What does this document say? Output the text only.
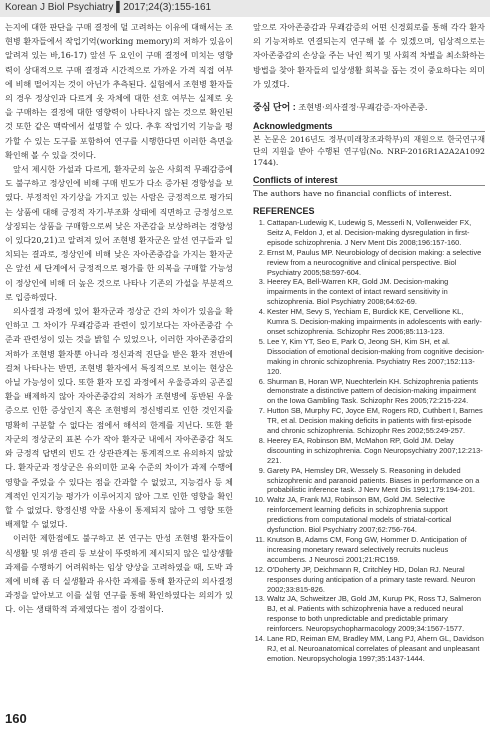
Korean J Biol Psychiatry ▌2017;24(3):155-161

는지에 대한 판단을 구매 결정에 덜 고려하는 이유에 대해서는 조현병 환자들에서 작업기억(working memory)의 저하가 있음이 알려져 있는 바,16-17) 앞선 두 요인이 구매 결정에 미치는 영향력이 상대적으로 구매 결정과 시간적으로 가까운 가격 직접 여부에 비해 떨어지는 것이 아닌가 추측된다. 실험에서 조현병 환자들의 경우 정상인과 다르게 옷 자체에 대한 선호 여부는 실제로 옷을 구매하는 결정에 대한 영향력이 나타나지 않는 것으로 확인된 것 또한 같은 맥락에서 설명할 수 있다. 추후 작업기억 기능을 평가할 수 있는 도구를 포함하여 연구를 시행한다면 이러한 측면을 확인해 볼 수 있을 것이다.

앞서 제시한 가설과 다르게, 환자군의 높은 사회적 무쾌감증에도 불구하고 정상인에 비해 구매 빈도가 다소 증가된 경향성을 보였다. 부정적인 자기상을 가지고 있는 사람은 긍정적으로 평가되는 상품에 대해 긍정적 자기-부조화 상태에 직면하고 긍정성으로 상징되는 상품을 구매함으로써 낮은 자존감을 보상하려는 경향성이 있다20,21)고 알려져 있어 조현병 환자군은 앞선 연구들과 일치되는 결과로, 정상인에 비해 낮은 자아존중감을 가지는 환자군은 앞선 세 단계에서 긍정적으로 평가를 한 의복을 구매할 가능성이 정상인에 비해 더 높은 것으로 나타나 기존의 가설을 부분적으로 입증하였다.

의사결정 과정에 있어 환자군과 정상군 간의 차이가 있음을 확인하고 그 차이가 무쾌감증과 관련이 있기보다는 자아존중감 수준과 관련성이 있는 것을 밝힐 수 있었으나, 이러한 자아존중감의 저하가 조현병 환자뿐 아니라 정신과적 진단을 받은 환자 전반에 걸쳐 나타나는 반면, 조현병 환자에서 특징적으로 보이는 현상은 아닐 가능성이 있다. 또한 환자 모집 과정에서 우울증과의 공존질환을 배제하지 않아 자아존중감의 저하가 조현병에 동반된 우울증으로 인한 증상인지 혹은 조현병의 정신병리로 인한 것인지를 명확히 구분할 수 없다는 점에서 해석의 한계를 지닌다. 또한 환자군의 정상군의 표본 수가 작아 환자군 내에서 자아존중감 척도와 긍정적 답변의 빈도 간 상관관계는 통계적으로 유의하지 않았다. 환자군과 정상군은 유의미한 교육 수준의 차이가 과제 수행에 영향을 주었을 수 있다는 점을 간과할 수 없었고, 지능검사 등 체계적인 인지기능 평가가 이루어지지 않아 그로 인한 영향을 확인할 수 없었다. 향정신병 약물 사용이 통제되지 않아 그 영향 또한 배제할 수 없었다.

이러한 제한점에도 불구하고 본 연구는 만성 조현병 환자들이 식생활 및 위생 관리 등 보살이 뚜렷하게 제시되지 않은 일상생활 과제를 수행하기 어려워하는 임상 양상을 고려하였을 때, 도박 과제에 비해 좀 더 실생활과 유사한 과제를 통해 환자군의 의사결정 과정을 알아보고 이를 실험 연구를 통해 확인하였다는 의의가 있다. 이는 생태학적 과제였다는 점이 강점이다.

앞으로 자아존중감과 무쾌감증의 어떤 신경회로를 통해 각각 환자의 기능저하로 연결되는지 연구해 볼 수 있겠으며, 임상적으로는 자아존중감의 손상을 주는 낙인 찍기 및 사회적 차별을 최소화하는 방법을 찾아 환자들의 일상생활 회복을 돕는 것이 중요하다는 의미가 있겠다.

중심 단어 : 조현병·의사결정·무쾌감증·자아존중.

Acknowledgments

본 논문은 2016년도 정부(미래창조과학부)의 재원으로 한국연구재단의 지원을 받아 수행된 연구임(No. NRF-2016R1A2A2A1092 1744).

Conflicts of interest

The authors have no financial conflicts of interest.

REFERENCES

1. Cattapan-Ludewig K, Ludewig S, Messerli N, Vollenweider FX, Seitz A, Feldon J, et al. Decision-making dysregulation in first-episode schizophrenia. J Nerv Ment Dis 2008;196:157-160.
2. Ernst M, Paulus MP. Neurobiology of decision making: a selective review from a neurocognitive and clinical perspective. Biol Psychiatry 2005;58:597-604.
3. Heerey EA, Bell-Warren KR, Gold JM. Decision-making impairments in the context of intact reward sensitivity in schizophrenia. Biol Psychiatry 2008;64:62-69.
4. Kester HM, Sevy S, Yechiam E, Burdick KE, Cervellione KL, Kumra S. Decision-making impairments in adolescents with early-onset schizophrenia. Schizophr Res 2006;85:113-123.
5. Lee Y, Kim YT, Seo E, Park O, Jeong SH, Kim SH, et al. Dissociation of emotional decision-making from cognitive decision-making in chronic schizophrenia. Psychiatry Res 2007;152:113-120.
6. Shurman B, Horan WP, Nuechterlein KH. Schizophrenia patients demonstrate a distinctive pattern of decision-making impairment on the Iowa Gambling Task. Schizophr Res 2005;72:215-224.
7. Hutton SB, Murphy FC, Joyce EM, Rogers RD, Cuthbert I, Barnes TR, et al. Decision making deficits in patients with first-episode and chronic schizophrenia. Schizophr Res 2002;55:249-257.
8. Heerey EA, Robinson BM, McMahon RP, Gold JM. Delay discounting in schizophrenia. Cogn Neuropsychiatry 2007;12:213-221.
9. Garety PA, Hemsley DR, Wessely S. Reasoning in deluded schizophrenic and paranoid patients. Biases in performance on a probabilistic inference task. J Nerv Ment Dis 1991;179:194-201.
10. Waltz JA, Frank MJ, Robinson BM, Gold JM. Selective reinforcement learning deficits in schizophrenia support predictions from computational models of striatal-cortical dysfunction. Biol Psychiatry 2007;62:756-764.
11. Knutson B, Adams CM, Fong GW, Hommer D. Anticipation of increasing monetary reward selectively recruits nucleus accumbens. J Neurosci 2001;21:RC159.
12. O'Doherty JP, Deichmann R, Critchley HD, Dolan RJ. Neural responses during anticipation of a primary taste reward. Neuron 2002;33:815-826.
13. Waltz JA, Schweitzer JB, Gold JM, Kurup PK, Ross TJ, Salmeron BJ, et al. Patients with schizophrenia have a reduced neural response to both unpredictable and predictable primary reinforcers. Neuropsychopharmacology 2009;34:1567-1577.
14. Lane RD, Reiman EM, Bradley MM, Lang PJ, Ahern GL, Davidson RJ, et al. Neuroanatomical correlates of pleasant and unpleasant emotion. Neuropsychologia 1997;35:1437-1444.
160
